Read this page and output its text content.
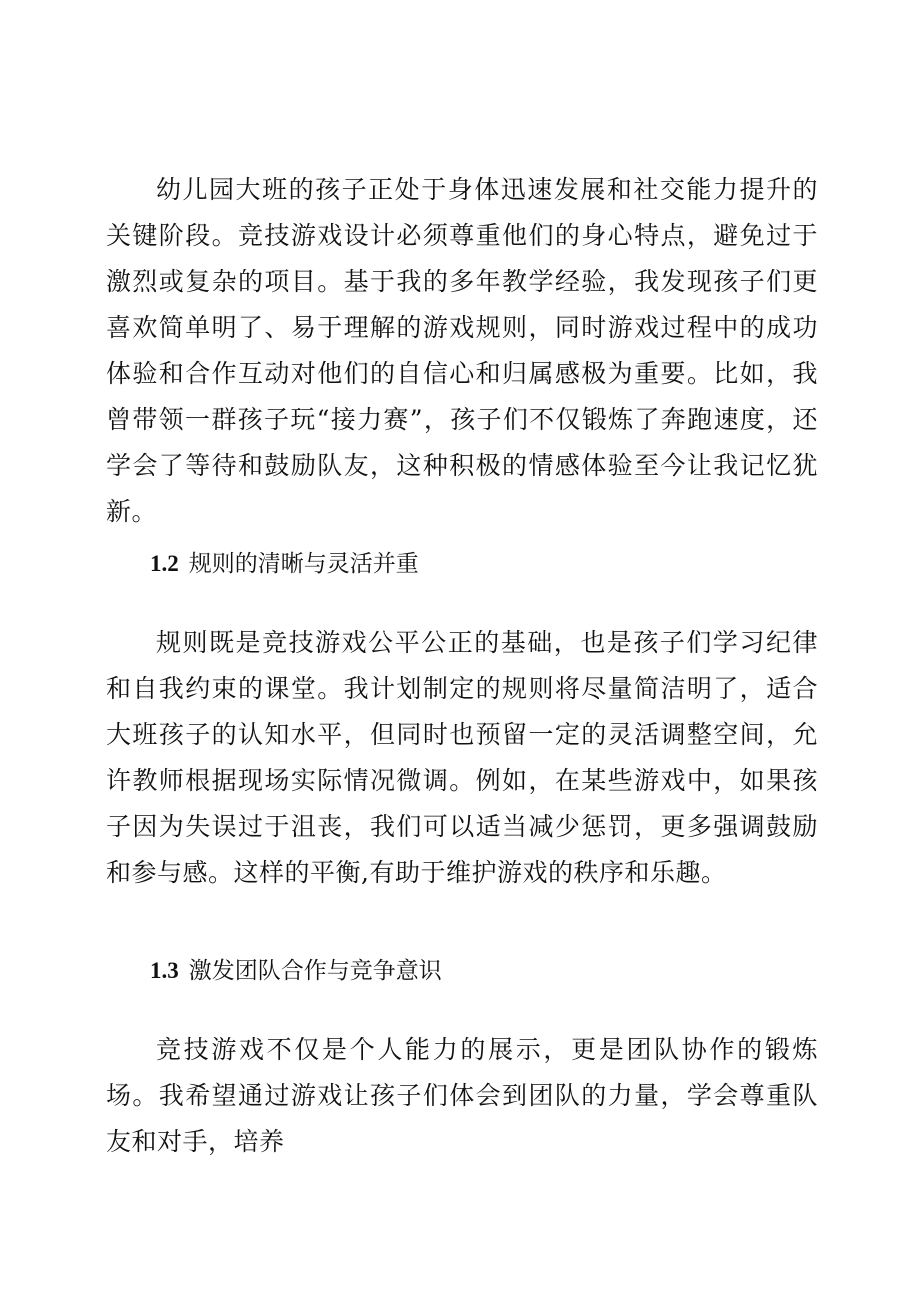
幼儿园大班的孩子正处于身体迅速发展和社交能力提升的关键阶段。竞技游戏设计必须尊重他们的身心特点，避免过于激烈或复杂的项目。基于我的多年教学经验，我发现孩子们更喜欢简单明了、易于理解的游戏规则，同时游戏过程中的成功体验和合作互动对他们的自信心和归属感极为重要。比如，我曾带领一群孩子玩“接力赛”，孩子们不仅锻炼了奔跑速度，还学会了等待和鼓励队友，这种积极的情感体验至今让我记忆犹新。

1.2 规则的清晰与灵活并重

规则既是竞技游戏公平公正的基础，也是孩子们学习纪律和自我约束的课堂。我计划制定的规则将尽量简洁明了，适合大班孩子的认知水平，但同时也预留一定的灵活调整空间，允许教师根据现场实际情况微调。例如，在某些游戏中，如果孩子因为失误过于沮丧，我们可以适当减少惩罚，更多强调鼓励和参与感。这样的平衡,有助于维护游戏的秩序和乐趣。

1.3 激发团队合作与竞争意识

竞技游戏不仅是个人能力的展示，更是团队协作的锻炼场。我希望通过游戏让孩子们体会到团队的力量，学会尊重队友和对手，培养
